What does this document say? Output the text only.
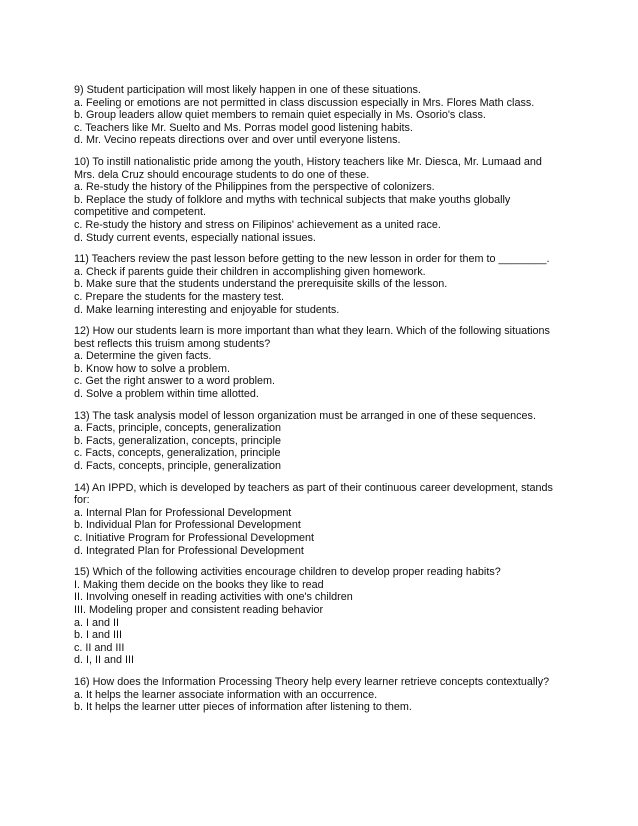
9) Student participation will most likely happen in one of these situations.
a. Feeling or emotions are not permitted in class discussion especially in Mrs. Flores Math class.
b. Group leaders allow quiet members to remain quiet especially in Ms. Osorio's class.
c. Teachers like Mr. Suelto and Ms. Porras model good listening habits.
d. Mr. Vecino repeats directions over and over until everyone listens.
10) To instill nationalistic pride among the youth, History teachers like Mr. Diesca, Mr. Lumaad and
Mrs. dela Cruz should encourage students to do one of these.
a. Re-study the history of the Philippines from the perspective of colonizers.
b. Replace the study of folklore and myths with technical subjects that make youths globally
competitive and competent.
c. Re-study the history and stress on Filipinos' achievement as a united race.
d. Study current events, especially national issues.
11) Teachers review the past lesson before getting to the new lesson in order for them to ________.
a. Check if parents guide their children in accomplishing given homework.
b. Make sure that the students understand the prerequisite skills of the lesson.
c. Prepare the students for the mastery test.
d. Make learning interesting and enjoyable for students.
12) How our students learn is more important than what they learn. Which of the following situations
best reflects this truism among students?
a. Determine the given facts.
b. Know how to solve a problem.
c. Get the right answer to a word problem.
d. Solve a problem within time allotted.
13) The task analysis model of lesson organization must be arranged in one of these sequences.
a. Facts, principle, concepts, generalization
b. Facts, generalization, concepts, principle
c. Facts, concepts, generalization, principle
d. Facts, concepts, principle, generalization
14) An IPPD, which is developed by teachers as part of their continuous career development, stands
for:
a. Internal Plan for Professional Development
b. Individual Plan for Professional Development
c. Initiative Program for Professional Development
d. Integrated Plan for Professional Development
15) Which of the following activities encourage children to develop proper reading habits?
I. Making them decide on the books they like to read
II. Involving oneself in reading activities with one's children
III. Modeling proper and consistent reading behavior
a. I and II
b. I and III
c. II and III
d. I, II and III
16) How does the Information Processing Theory help every learner retrieve concepts contextually?
a. It helps the learner associate information with an occurrence.
b. It helps the learner utter pieces of information after listening to them.
